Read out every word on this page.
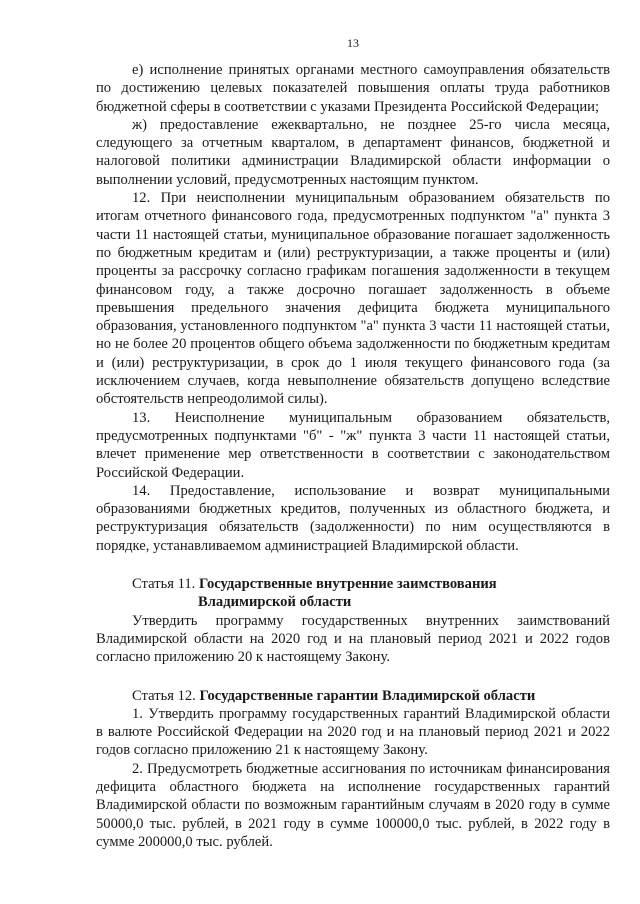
13

е) исполнение принятых органами местного самоуправления обязательств по достижению целевых показателей повышения оплаты труда работников бюджетной сферы в соответствии с указами Президента Российской Федерации;

ж) предоставление ежеквартально, не позднее 25-го числа месяца, следующего за отчетным кварталом, в департамент финансов, бюджетной и налоговой политики администрации Владимирской области информации о выполнении условий, предусмотренных настоящим пунктом.

12. При неисполнении муниципальным образованием обязательств по итогам отчетного финансового года, предусмотренных подпунктом "а" пункта 3 части 11 настоящей статьи, муниципальное образование погашает задолженность по бюджетным кредитам и (или) реструктуризации, а также проценты и (или) проценты за рассрочку согласно графикам погашения задолженности в текущем финансовом году, а также досрочно погашает задолженность в объеме превышения предельного значения дефицита бюджета муниципального образования, установленного подпунктом "а" пункта 3 части 11 настоящей статьи, но не более 20 процентов общего объема задолженности по бюджетным кредитам и (или) реструктуризации, в срок до 1 июля текущего финансового года (за исключением случаев, когда невыполнение обязательств допущено вследствие обстоятельств непреодолимой силы).

13. Неисполнение муниципальным образованием обязательств, предусмотренных подпунктами "б" - "ж" пункта 3 части 11 настоящей статьи, влечет применение мер ответственности в соответствии с законодательством Российской Федерации.

14. Предоставление, использование и возврат муниципальными образованиями бюджетных кредитов, полученных из областного бюджета, и реструктуризация обязательств (задолженности) по ним осуществляются в порядке, устанавливаемом администрацией Владимирской области.

Статья 11. Государственные внутренние заимствования
Владимирской области

Утвердить программу государственных внутренних заимствований Владимирской области на 2020 год и на плановый период 2021 и 2022 годов согласно приложению 20 к настоящему Закону.

Статья 12. Государственные гарантии Владимирской области

1. Утвердить программу государственных гарантий Владимирской области в валюте Российской Федерации на 2020 год и на плановый период 2021 и 2022 годов согласно приложению 21 к настоящему Закону.

2. Предусмотреть бюджетные ассигнования по источникам финансирования дефицита областного бюджета на исполнение государственных гарантий Владимирской области по возможным гарантийным случаям в 2020 году в сумме 50000,0 тыс. рублей, в 2021 году в сумме 100000,0 тыс. рублей, в 2022 году в сумме 200000,0 тыс. рублей.
